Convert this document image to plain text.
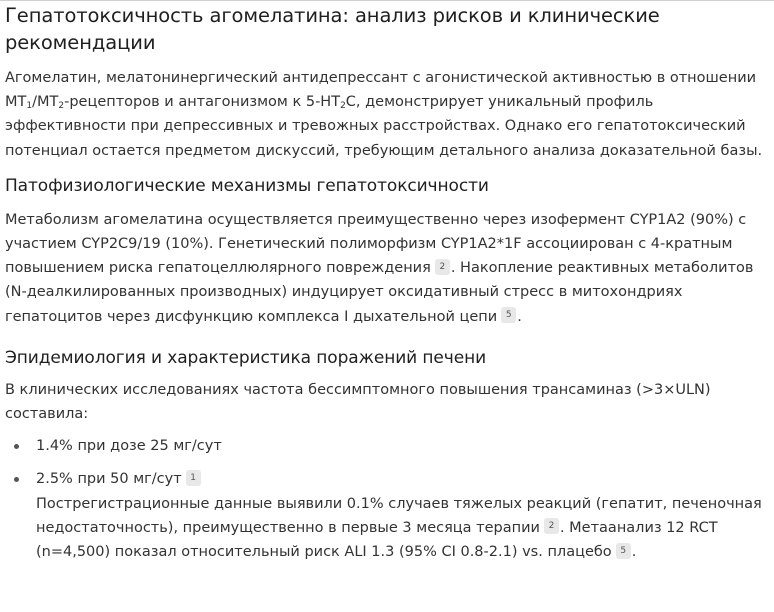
Гепатотоксичность агомелатина: анализ рисков и клинические рекомендации

Агомелатин, мелатонинергический антидепрессант с агонистической активностью в отношении $MT_1/MT_2$-рецепторов и антагонизмом к $5-HT_2C$, демонстрирует уникальный профиль эффективности при депрессивных и тревожных расстройствах. Однако его гепатотоксический потенциал остается предметом дискуссий, требующим детального анализа доказательной базы.

Патофизиологические механизмы гепатотоксичности

Метаболизм агомелатина осуществляется преимущественно через изофермент CYP1A2 (90%) с участием CYP2C9/19 (10%). Генетический полиморфизм CYP1A2*1F ассоциирован с 4-кратным повышением риска гепатоцеллюлярного повреждения 2 . Накопление реактивных метаболитов (N-деалкилированных производных) индуцирует оксидативный стресс в митохондриях гепатоцитов через дисфункцию комплекса I дыхательной цепи 5 .

Эпидемиология и характеристика поражений печени

В клинических исследованиях частота бессимптомного повышения трансаминаз (>3×ULN) составила:

1.4% при дозе 25 мг/сут
2.5% при 50 мг/сут 1
Пострегистрационные данные выявили 0.1% случаев тяжелых реакций (гепатит, печеночная недостаточность), преимущественно в первые 3 месяца терапии 2 . Метаанализ 12 RCT (n=4,500) показал относительный риск ALI 1.3 (95% CI 0.8-2.1) vs. плацебо 5 .
